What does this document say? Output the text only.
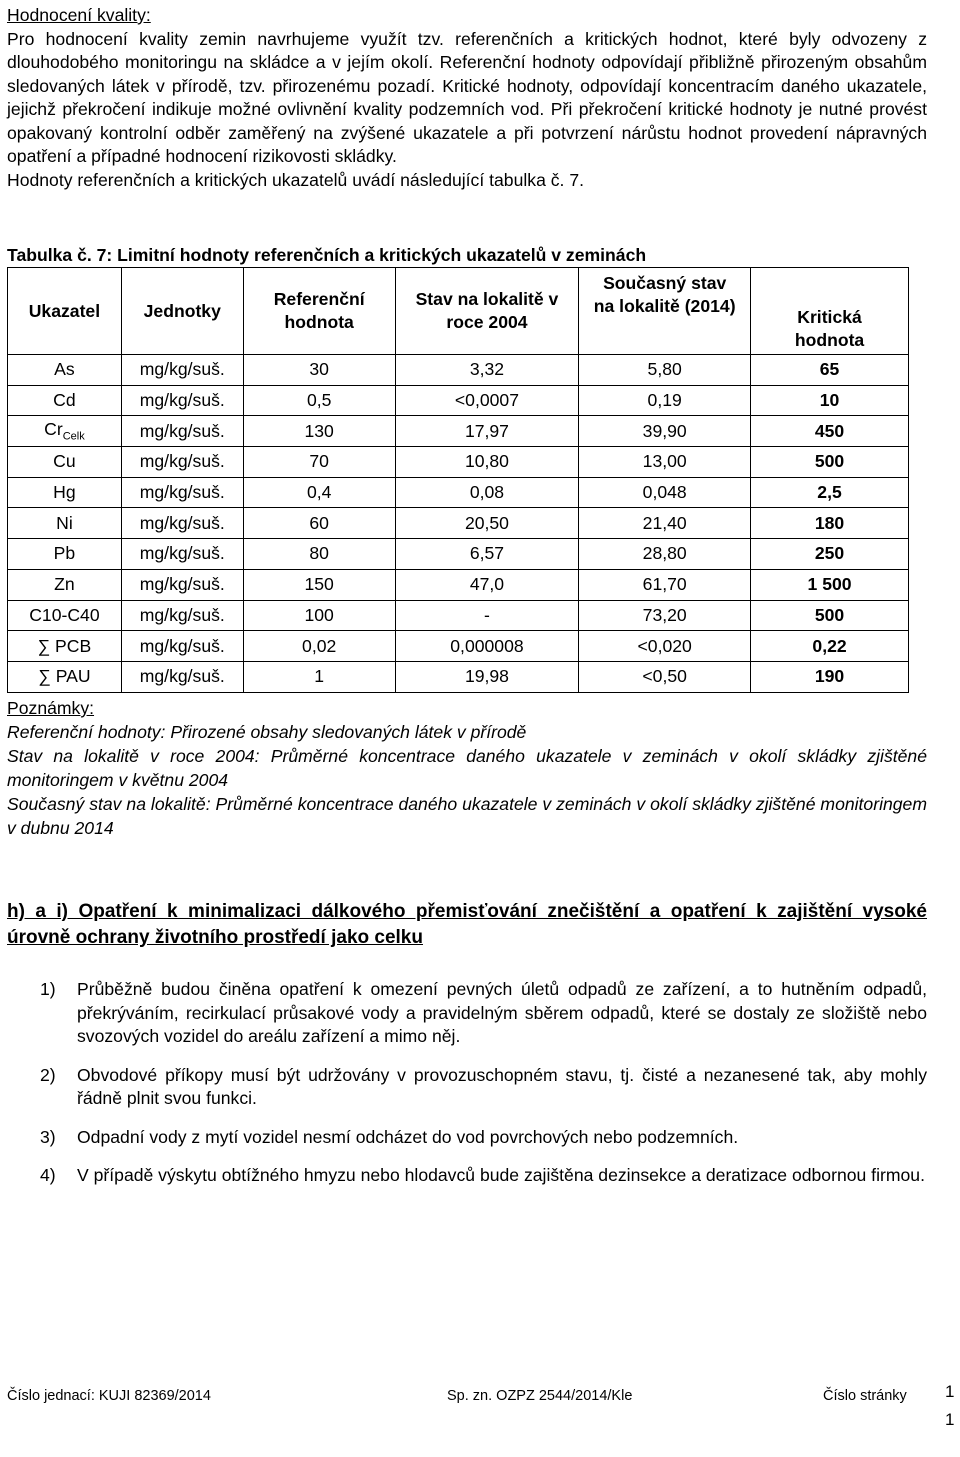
Hodnocení kvality:

Pro hodnocení kvality zemin navrhujeme využít tzv. referenčních a kritických hodnot, které byly odvozeny z dlouhodobého monitoringu na skládce a v jejím okolí. Referenční hodnoty odpovídají přibližně přirozeným obsahům sledovaných látek v přírodě, tzv. přirozenému pozadí. Kritické hodnoty, odpovídají koncentracím daného ukazatele, jejichž překročení indikuje možné ovlivnění kvality podzemních vod. Při překročení kritické hodnoty je nutné provést opakovaný kontrolní odběr zaměřený na zvýšené ukazatele a při potvrzení nárůstu hodnot provedení nápravných opatření a případné hodnocení rizikovosti skládky.

Hodnoty referenčních a kritických ukazatelů uvádí následující tabulka č. 7.

Tabulka č. 7: Limitní hodnoty referenčních a kritických ukazatelů v zeminách
Ukazatel	Jednotky	Referenční hodnota	Stav na lokalitě v roce 2004	Současný stav na lokalitě (2014)	Kritická hodnota
As	mg/kg/suš.	30	3,32	5,80	65
Cd	mg/kg/suš.	0,5	<0,0007	0,19	10
$Cr_{Celk}$	mg/kg/suš.	130	17,97	39,90	450
Cu	mg/kg/suš.	70	10,80	13,00	500
Hg	mg/kg/suš.	0,4	0,08	0,048	2,5
Ni	mg/kg/suš.	60	20,50	21,40	180
Pb	mg/kg/suš.	80	6,57	28,80	250
Zn	mg/kg/suš.	150	47,0	61,70	1 500
C10-C40	mg/kg/suš.	100	-	73,20	500
∑ PCB	mg/kg/suš.	0,02	0,000008	<0,020	0,22
∑ PAU	mg/kg/suš.	1	19,98	<0,50	190
Poznámky:
Referenční hodnoty: Přirozené obsahy sledovaných látek v přírodě
Stav na lokalitě v roce 2004: Průměrné koncentrace daného ukazatele v zeminách v okolí skládky zjištěné monitoringem v květnu 2004
Současný stav na lokalitě: Průměrné koncentrace daného ukazatele v zeminách v okolí skládky zjištěné monitoringem v dubnu 2014
h) a i) Opatření k minimalizaci dálkového přemisťování znečištění a opatření k zajištění vysoké úrovně ochrany životního prostředí jako celku
1) Průběžně budou činěna opatření k omezení pevných úletů odpadů ze zařízení, a to hutněním odpadů, překrýváním, recirkulací průsakové vody a pravidelným sběrem odpadů, které se dostaly ze složiště nebo svozových vozidel do areálu zařízení a mimo něj.
2) Obvodové příkopy musí být udržovány v provozuschopném stavu, tj. čisté a nezanesené tak, aby mohly řádně plnit svou funkci.
3) Odpadní vody z mytí vozidel nesmí odcházet do vod povrchových nebo podzemních.
4) V případě výskytu obtížného hmyzu nebo hlodavců bude zajištěna dezinsekce a deratizace odbornou firmou.
Číslo jednací: KUJI 82369/2014	Sp. zn. OZPZ 2544/2014/Kle	Číslo stránky 1
1
